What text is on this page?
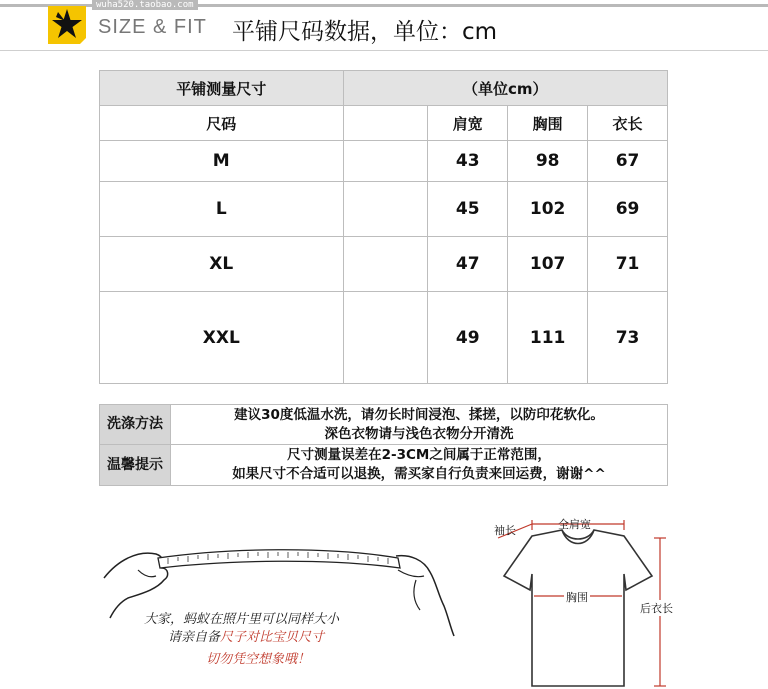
wuha520.taobao.com
SIZE & FIT 平铺尺码数据，单位：cm
平铺测量尺寸	（单位cm）			
尺码		肩宽	胸围	衣长
M		43	98	67
L		45	102	69
XL		47	107	71
XXL		49	111	73
洗涤方法	建议30度低温水洗，请勿长时间浸泡、揉搓，以防印花软化。
深色衣物请与浅色衣物分开清洗

温馨提示	尺寸测量误差在2-3CM之间属于正常范围，
如果尺寸不合适可以退换，需买家自行负责来回运费，谢谢^^
大家，蚂蚁在照片里可以同样大小
请亲自备尺子对比宝贝尺寸
切勿凭空想象哦！
袖长	全肩宽
胸围
后衣长
